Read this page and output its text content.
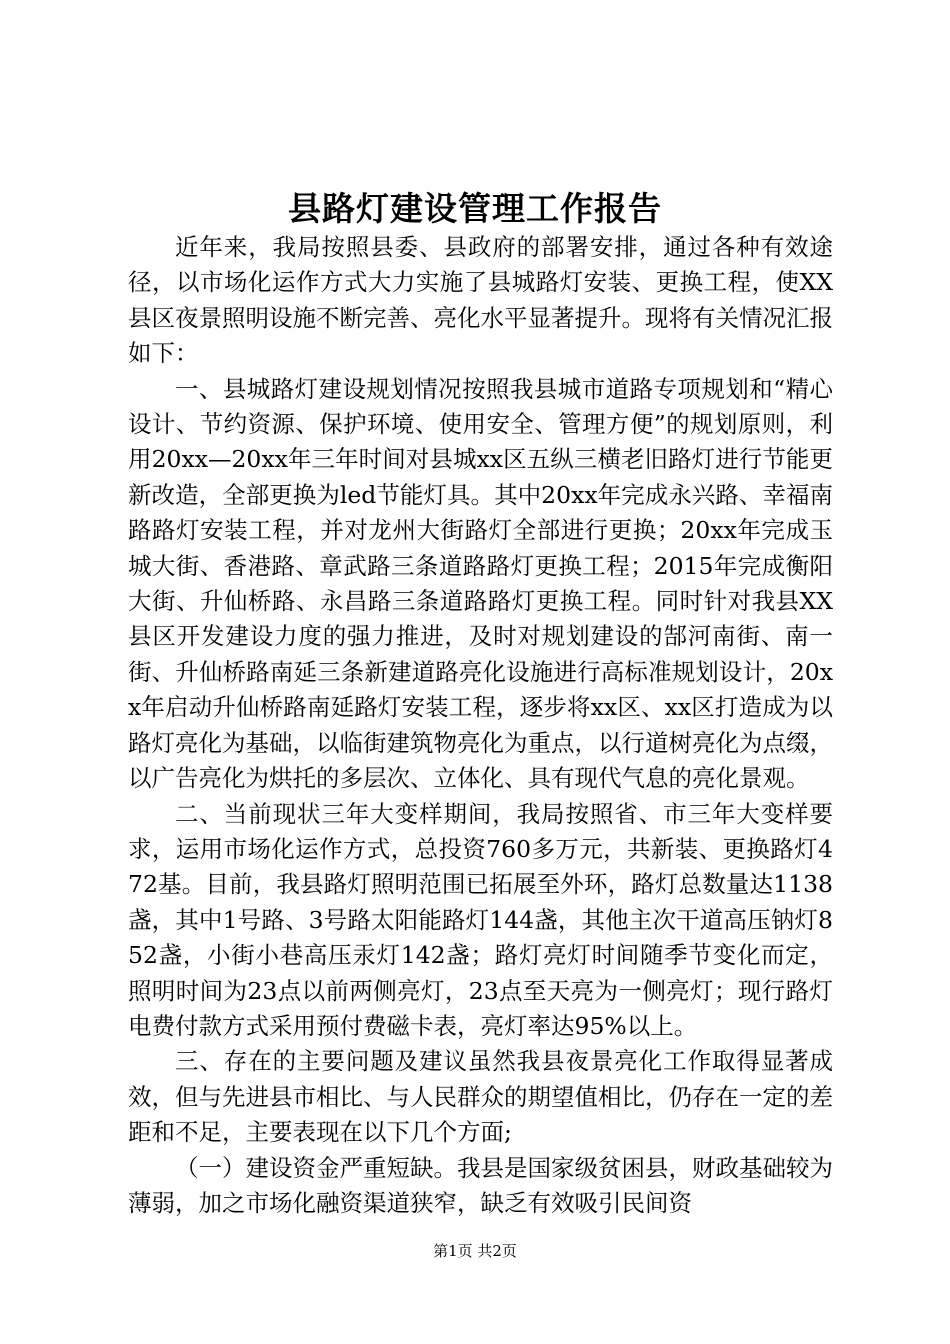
县路灯建设管理工作报告

近年来，我局按照县委、县政府的部署安排，通过各种有效途径，以市场化运作方式大力实施了县城路灯安装、更换工程，使XX县区夜景照明设施不断完善、亮化水平显著提升。现将有关情况汇报如下：

一、县城路灯建设规划情况按照我县城市道路专项规划和“精心设计、节约资源、保护环境、使用安全、管理方便”的规划原则，利用20xx—20xx年三年时间对县城xx区五纵三横老旧路灯进行节能更新改造，全部更换为led节能灯具。其中20xx年完成永兴路、幸福南路路灯安装工程，并对龙州大街路灯全部进行更换；20xx年完成玉城大街、香港路、章武路三条道路路灯更换工程；2015年完成衡阳大街、升仙桥路、永昌路三条道路路灯更换工程。同时针对我县XX县区开发建设力度的强力推进，及时对规划建设的郜河南街、南一街、升仙桥路南延三条新建道路亮化设施进行高标准规划设计，20xx年启动升仙桥路南延路灯安装工程，逐步将xx区、xx区打造成为以路灯亮化为基础，以临街建筑物亮化为重点，以行道树亮化为点缀，以广告亮化为烘托的多层次、立体化、具有现代气息的亮化景观。

二、当前现状三年大变样期间，我局按照省、市三年大变样要求，运用市场化运作方式，总投资760多万元，共新装、更换路灯472基。目前，我县路灯照明范围已拓展至外环，路灯总数量达1138盏，其中1号路、3号路太阳能路灯144盏，其他主次干道高压钠灯852盏，小街小巷高压汞灯142盏；路灯亮灯时间随季节变化而定，照明时间为23点以前两侧亮灯，23点至天亮为一侧亮灯；现行路灯电费付款方式采用预付费磁卡表，亮灯率达95%以上。

三、存在的主要问题及建议虽然我县夜景亮化工作取得显著成效，但与先进县市相比、与人民群众的期望值相比，仍存在一定的差距和不足，主要表现在以下几个方面;

（一）建设资金严重短缺。我县是国家级贫困县，财政基础较为薄弱，加之市场化融资渠道狭窄，缺乏有效吸引民间资

第1页 共2页
